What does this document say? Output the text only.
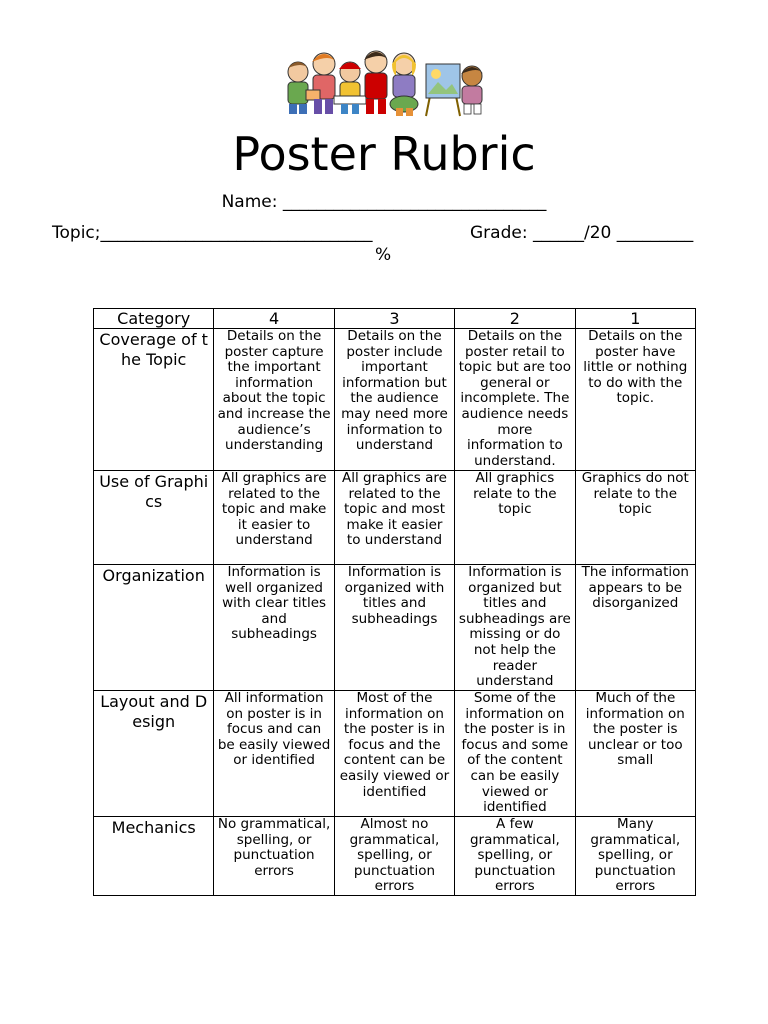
Poster Rubric
Name: _______________________________
Topic;________________________________	Grade: ______/20 _________
%
Category	4	3	2	1
Coverage of the Topic	Details on the poster capture the important information about the topic and increase the audience’s understanding	Details on the poster include important information but the audience may need more information to understand	Details on the poster retail to topic but are too general or incomplete. The audience needs more information to understand.	Details on the poster have little or nothing to do with the topic.
Use of Graphics	All graphics are related to the topic and make it easier to understand	All graphics are related to the topic and most make it easier to understand	All graphics relate to the topic	Graphics do not relate to the topic
Organization	Information is well organized with clear titles and subheadings	Information is organized with titles and subheadings	Information is organized but titles and subheadings are missing or do not help the reader understand	The information appears to be disorganized
Layout and Design	All information on poster is in focus and can be easily viewed or identified	Most of the information on the poster is in focus and the content can be easily viewed or identified	Some of the information on the poster is in focus and some of the content can be easily viewed or identified	Much of the information on the poster is unclear or too small
Mechanics	No grammatical, spelling, or punctuation errors	Almost no grammatical, spelling, or punctuation errors	A few grammatical, spelling, or punctuation errors	Many grammatical, spelling, or punctuation errors
